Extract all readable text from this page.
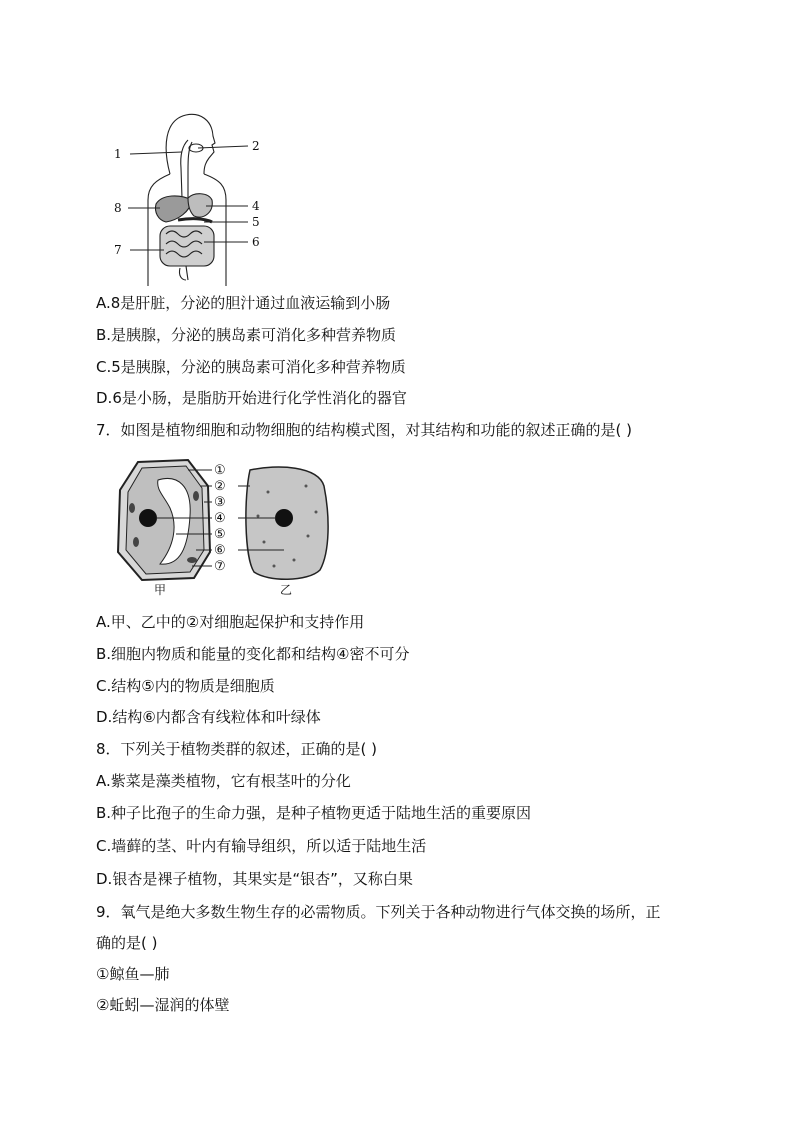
1
2
4
5
6
7
8
A.8是肝脏，分泌的胆汁通过血液运输到小肠
B.是胰腺，分泌的胰岛素可消化多种营养物质
C.5是胰腺，分泌的胰岛素可消化多种营养物质
D.6是小肠，是脂肪开始进行化学性消化的器官
7．如图是植物细胞和动物细胞的结构模式图，对其结构和功能的叙述正确的是( )
①
②
③
④
⑤
⑥
⑦
甲	乙
A.甲、乙中的②对细胞起保护和支持作用
B.细胞内物质和能量的变化都和结构④密不可分
C.结构⑤内的物质是细胞质
D.结构⑥内都含有线粒体和叶绿体
8．下列关于植物类群的叙述，正确的是( )
A.紫菜是藻类植物，它有根茎叶的分化
B.种子比孢子的生命力强，是种子植物更适于陆地生活的重要原因
C.墙藓的茎、叶内有输导组织，所以适于陆地生活
D.银杏是裸子植物，其果实是“银杏”，又称白果
9．氧气是绝大多数生物生存的必需物质。下列关于各种动物进行气体交换的场所，正
确的是( )
①鲸鱼—肺
②蚯蚓—湿润的体壁
